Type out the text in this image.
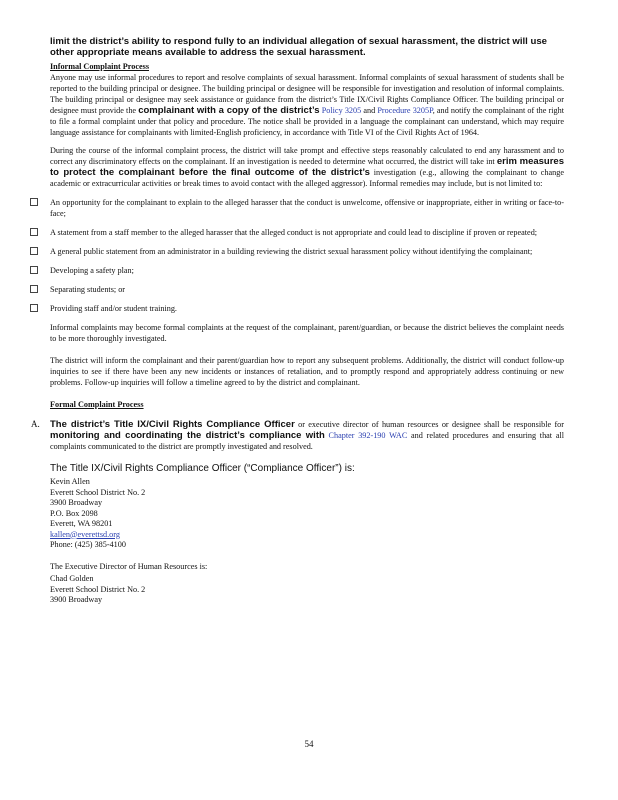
limit the district’s ability to respond fully to an individual allegation of sexual harassment, the district will use other appropriate means available to address the sexual harassment.

Informal Complaint Process

Anyone may use informal procedures to report and resolve complaints of sexual harassment. Informal complaints of sexual harassment of students shall be reported to the building principal or designee. The building principal or designee will be responsible for investigation and resolution of informal complaints. The building principal or designee may seek assistance or guidance from the district’s Title IX/Civil Rights Compliance Officer. The building principal or designee must provide the complainant with a copy of the district’s Policy 3205 and Procedure 3205P, and notify the complainant of the right to file a formal complaint under that policy and procedure. The notice shall be provided in a language the complainant can understand, which may require language assistance for complainants with limited-English proficiency, in accordance with Title VI of the Civil Rights Act of 1964.

During the course of the informal complaint process, the district will take prompt and effective steps reasonably calculated to end any harassment and to correct any discriminatory effects on the complainant. If an investigation is needed to determine what occurred, the district will take int erim measures to protect the complainant before the final outcome of the district’s investigation (e.g., allowing the complainant to change academic or extracurricular activities or break times to avoid contact with the alleged aggressor). Informal remedies may include, but is not limited to:

An opportunity for the complainant to explain to the alleged harasser that the conduct is unwelcome, offensive or inappropriate, either in writing or face-to-face;
A statement from a staff member to the alleged harasser that the alleged conduct is not appropriate and could lead to discipline if proven or repeated;
A general public statement from an administrator in a building reviewing the district sexual harassment policy without identifying the complainant;
Developing a safety plan;
Separating students; or
Providing staff and/or student training.

Informal complaints may become formal complaints at the request of the complainant, parent/guardian, or because the district believes the complaint needs to be more thoroughly investigated.

The district will inform the complainant and their parent/guardian how to report any subsequent problems. Additionally, the district will conduct follow-up inquiries to see if there have been any new incidents or instances of retaliation, and to promptly respond and appropriately address continuing or new problems. Follow-up inquiries will follow a timeline agreed to by the district and complainant.

Formal Complaint Process

A. The district’s Title IX/Civil Rights Compliance Officer or executive director of human resources or designee shall be responsible for monitoring and coordinating the district’s compliance with Chapter 392-190 WAC and related procedures and ensuring that all complaints communicated to the district are promptly investigated and resolved.

The Title IX/Civil Rights Compliance Officer (“Compliance Officer”) is:

Kevin Allen

Everett School District No. 2

3900 Broadway

P.O. Box 2098

Everett, WA 98201

kallen@everettsd.org

Phone: (425) 385-4100

The Executive Director of Human Resources is:

Chad Golden

Everett School District No. 2

3900 Broadway

54
